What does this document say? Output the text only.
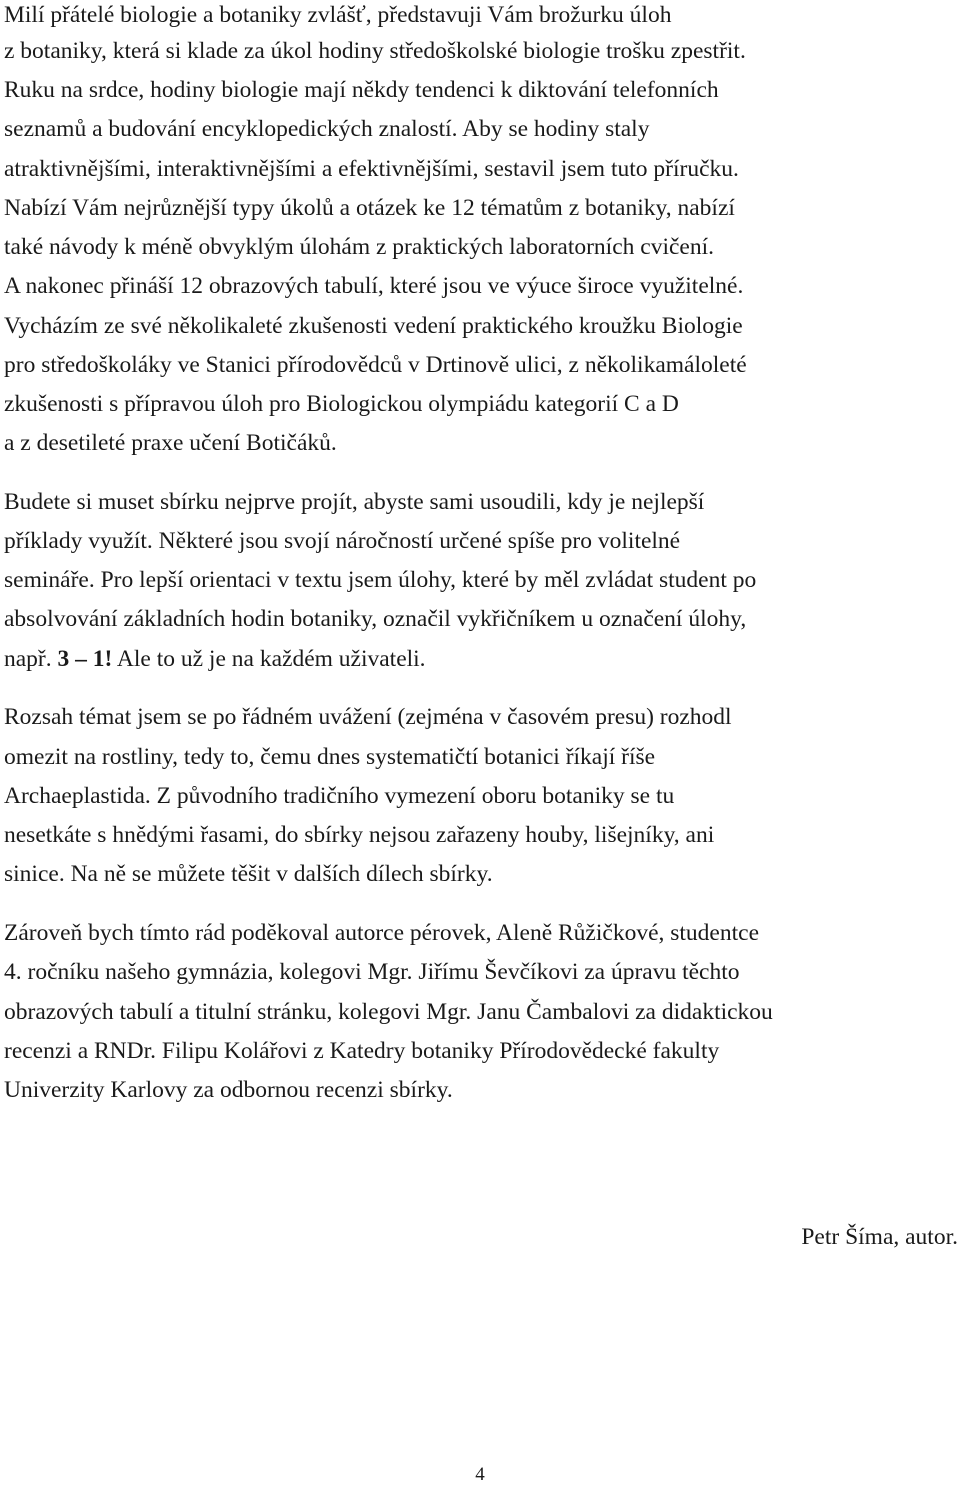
Milí přátelé biologie a botaniky zvlášť, představuji Vám brožurku úloh
z botaniky, která si klade za úkol hodiny středoškolské biologie trošku zpestřit.
Ruku na srdce, hodiny biologie mají někdy tendenci k diktování telefonních
seznamů a budování encyklopedických znalostí. Aby se hodiny staly
atraktivnějšími, interaktivnějšími a efektivnějšími, sestavil jsem tuto příručku.
Nabízí Vám nejrůznější typy úkolů a otázek ke 12 tématům z botaniky, nabízí
také návody k méně obvyklým úlohám z praktických laboratorních cvičení.
A nakonec přináší 12 obrazových tabulí, které jsou ve výuce široce využitelné.
Vycházím ze své několikaleté zkušenosti vedení praktického kroužku Biologie
pro středoškoláky ve Stanici přírodovědců v Drtinově ulici, z několikamáloleté
zkušenosti s přípravou úloh pro Biologickou olympiádu kategorií C a D
a z desetileté praxe učení Botičáků.
Budete si muset sbírku nejprve projít, abyste sami usoudili, kdy je nejlepší
příklady využít. Některé jsou svojí náročností určené spíše pro volitelné
semináře. Pro lepší orientaci v textu jsem úlohy, které by měl zvládat student po
absolvování základních hodin botaniky, označil vykřičníkem u označení úlohy,
např. 3 – 1! Ale to už je na každém uživateli.
Rozsah témat jsem se po řádném uvážení (zejména v časovém presu) rozhodl
omezit na rostliny, tedy to, čemu dnes systematičtí botanici říkají říše
Archaeplastida. Z původního tradičního vymezení oboru botaniky se tu
nesetkáte s hnědými řasami, do sbírky nejsou zařazeny houby, lišejníky, ani
sinice. Na ně se můžete těšit v dalších dílech sbírky.
Zároveň bych tímto rád poděkoval autorce pérovek, Aleně Růžičkové, studentce
4. ročníku našeho gymnázia, kolegovi Mgr. Jiřímu Ševčíkovi za úpravu těchto
obrazových tabulí a titulní stránku, kolegovi Mgr. Janu Čambalovi za didaktickou
recenzi a RNDr. Filipu Kolářovi z Katedry botaniky Přírodovědecké fakulty
Univerzity Karlovy za odbornou recenzi sbírky.
Petr Šíma, autor.
4
